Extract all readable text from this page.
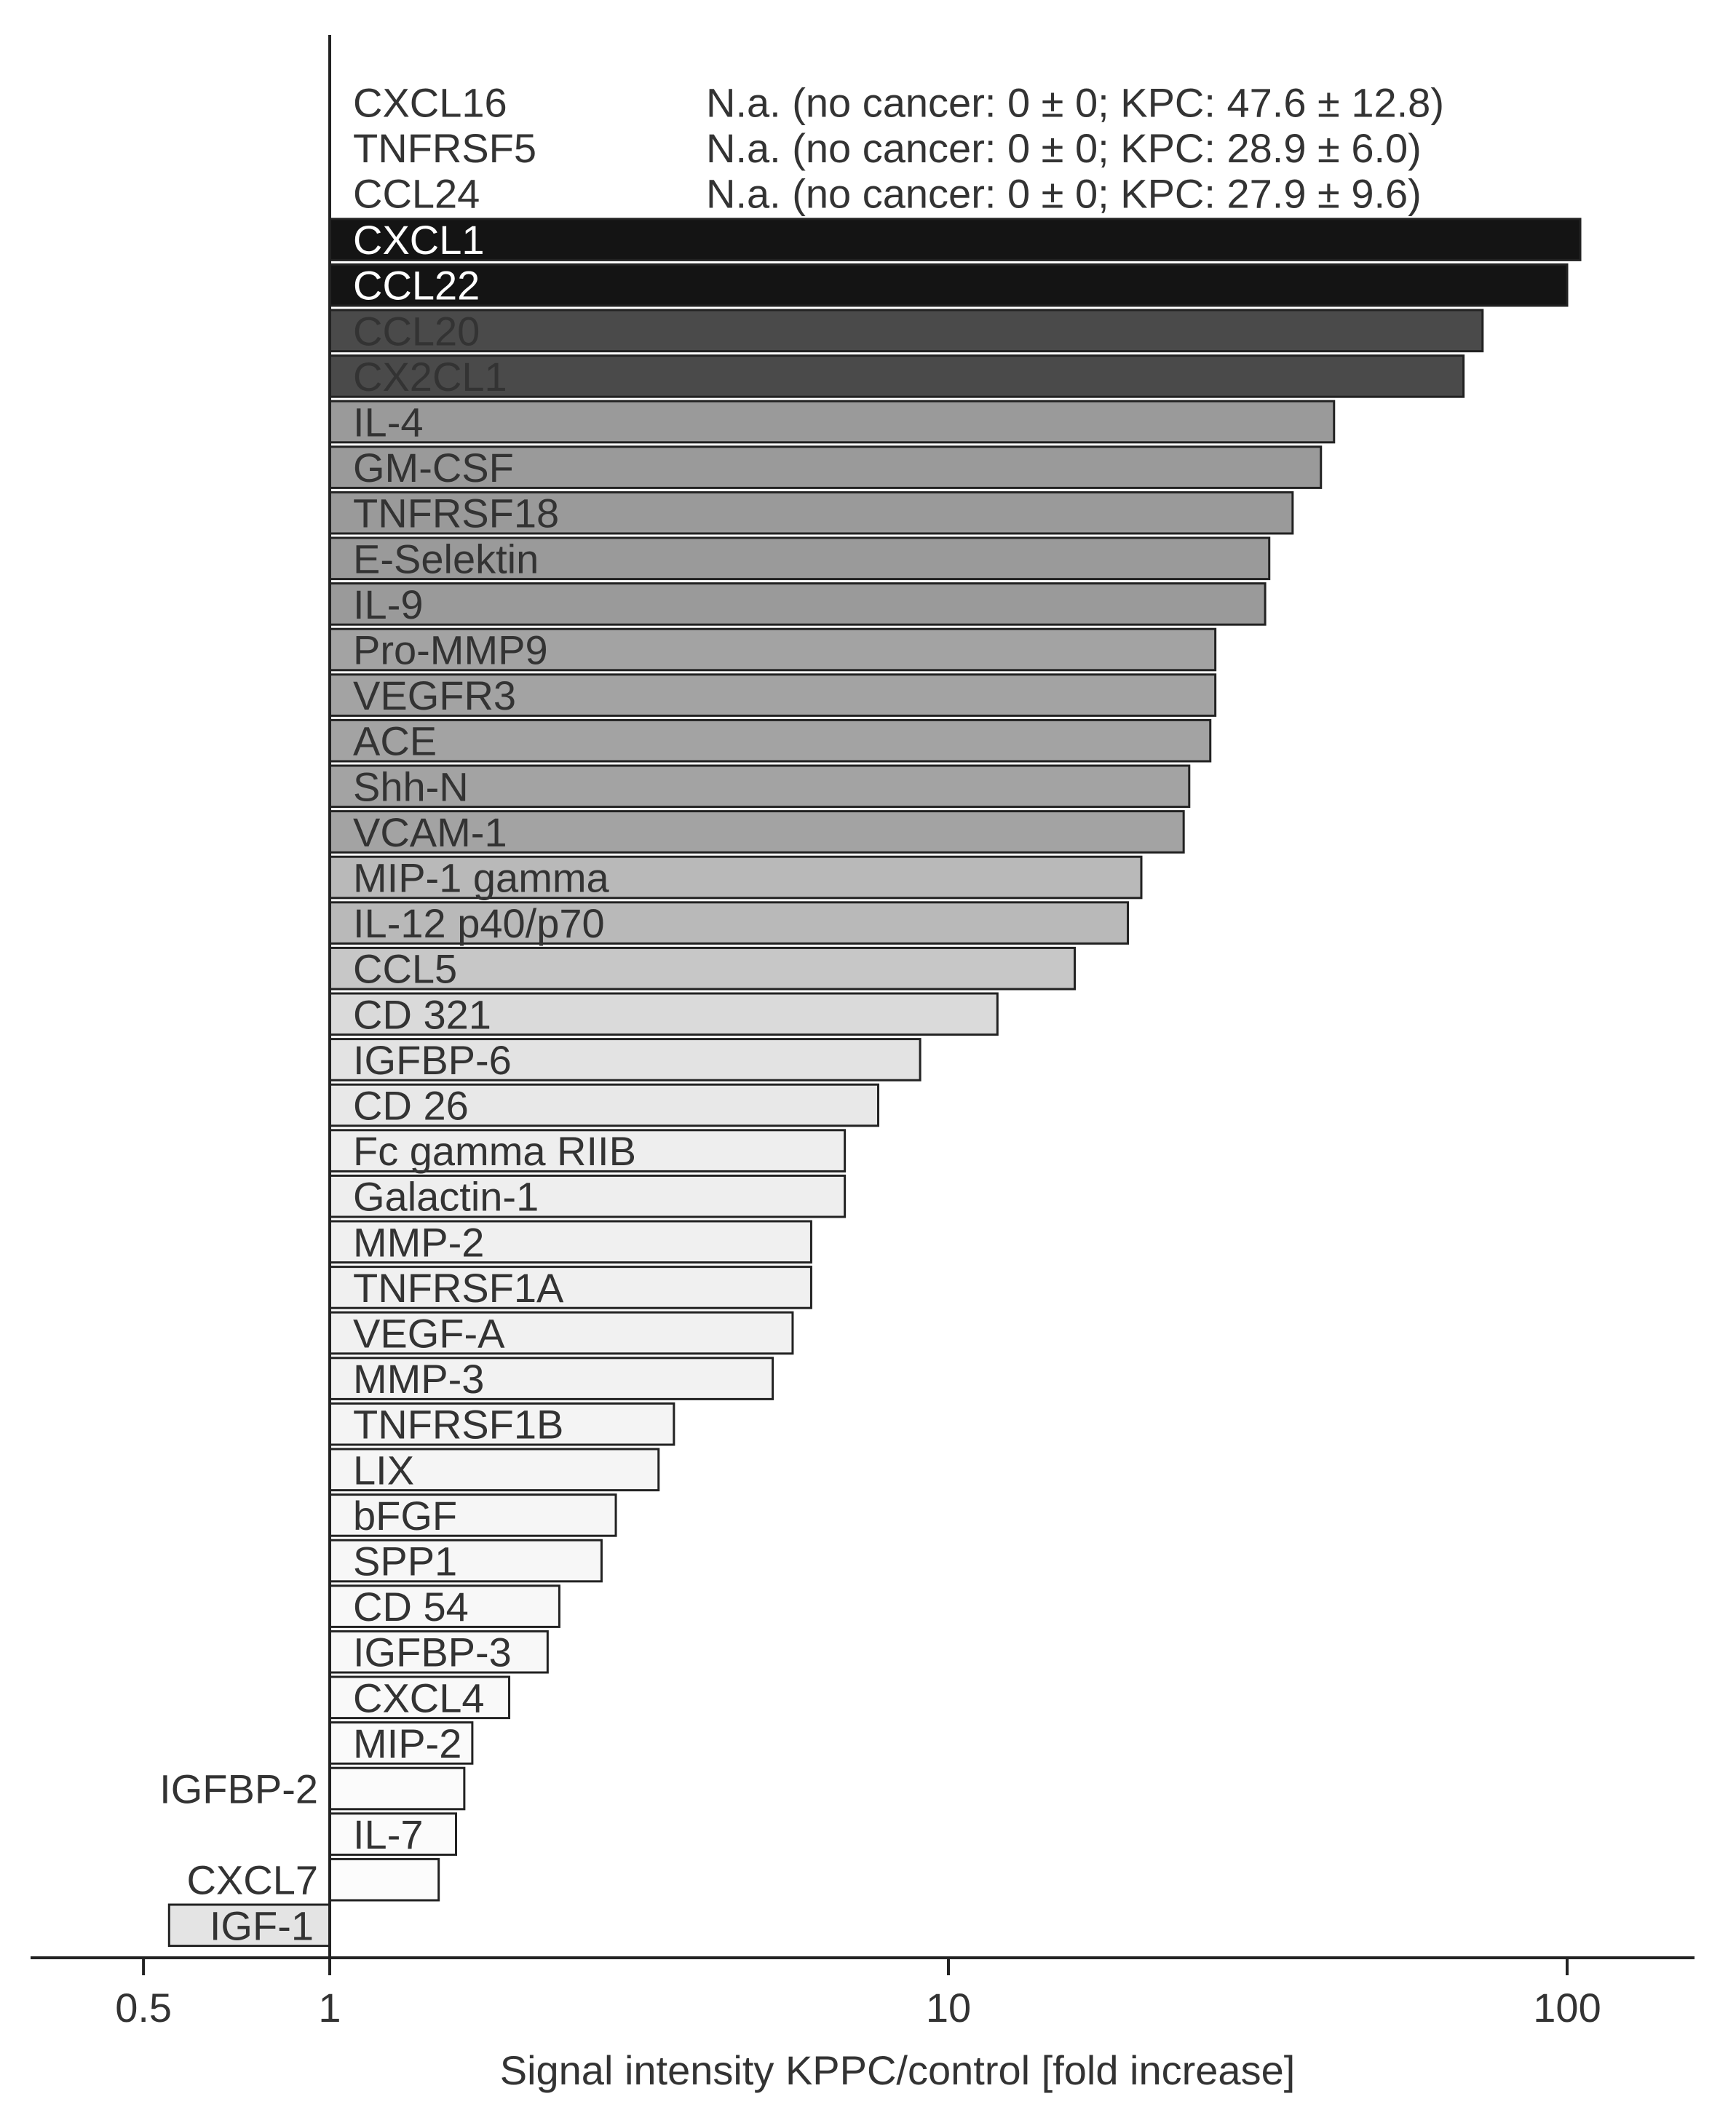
CXCL16	N.a. (no cancer: 0 ± 0; KPC: 47.6 ± 12.8)
TNFRSF5	N.a. (no cancer: 0 ± 0; KPC: 28.9 ± 6.0)
CCL24	N.a. (no cancer: 0 ± 0; KPC: 27.9 ± 9.6)
CXCL1
CCL22
CCL20
CX2CL1
IL-4
GM-CSF
TNFRSF18
E-Selektin
IL-9
Pro-MMP9
VEGFR3
ACE
Shh-N
VCAM-1
MIP-1 gamma
IL-12 p40/p70
CCL5
CD 321
IGFBP-6
CD 26
Fc gamma RIIB
Galactin-1
MMP-2
TNFRSF1A
VEGF-A
MMP-3
TNFRSF1B
LIX
bFGF
SPP1
CD 54
IGFBP-3
CXCL4
MIP-2
IGFBP-2
IL-7
CXCL7
IGF-1
0.5	1	10	100
Signal intensity KPPC/control [fold increase]
